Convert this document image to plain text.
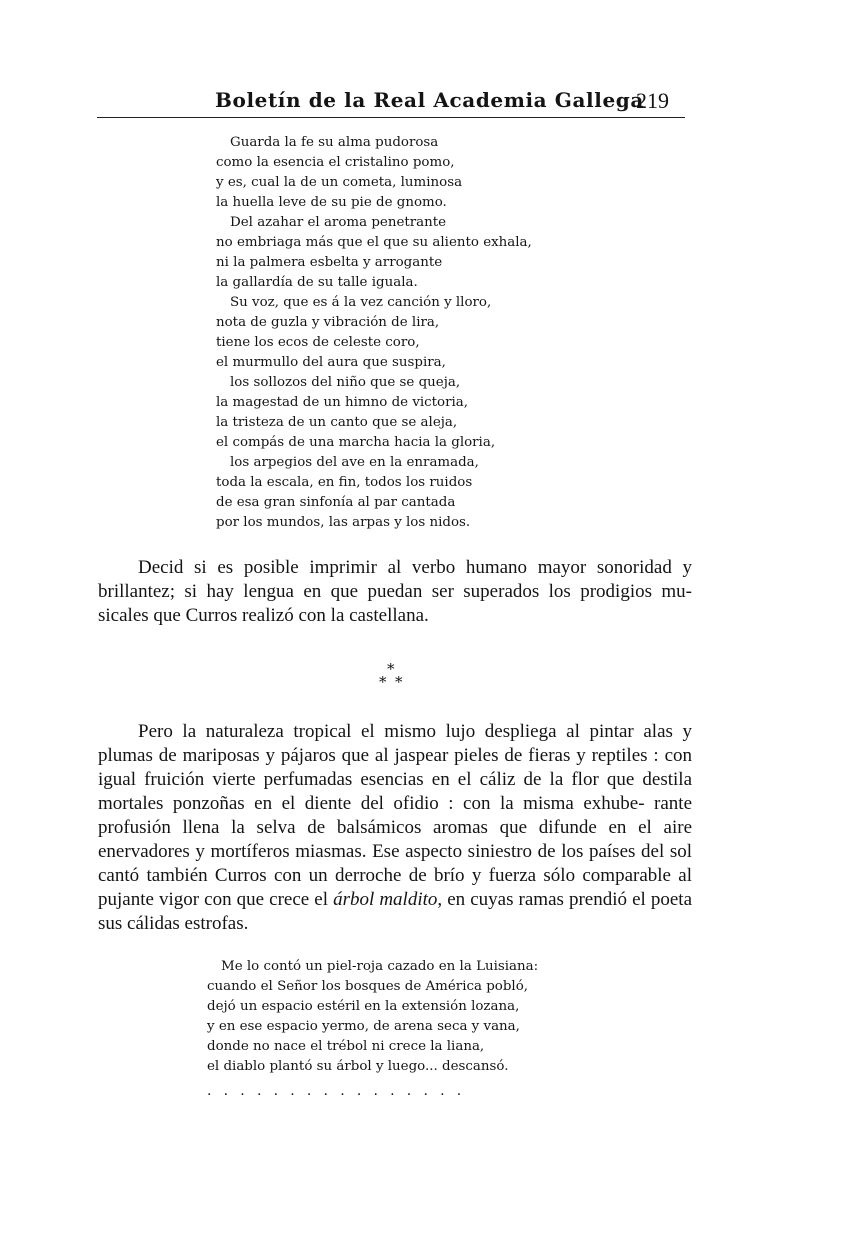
Boletín de la Real Academia Gallega
219
Guarda la fe su alma pudorosa
como la esencia el cristalino pomo,
y es, cual la de un cometa, luminosa
la huella leve de su pie de gnomo.
Del azahar el aroma penetrante
no embriaga más que el que su aliento exhala,
ni la palmera esbelta y arrogante
la gallardía de su talle iguala.
Su voz, que es á la vez canción y lloro,
nota de guzla y vibración de lira,
tiene los ecos de celeste coro,
el murmullo del aura que suspira,
los sollozos del niño que se queja,
la magestad de un himno de victoria,
la tristeza de un canto que se aleja,
el compás de una marcha hacia la gloria,
los arpegios del ave en la enramada,
toda la escala, en fin, todos los ruidos
de esa gran sinfonía al par cantada
por los mundos, las arpas y los nidos.

Decid si es posible imprimir al verbo humano mayor sonoridad y brillantez; si hay lengua en que puedan ser superados los prodigios mu- sicales que Curros realizó con la castellana.

*
* *

Pero la naturaleza tropical el mismo lujo despliega al pintar alas y plumas de mariposas y pájaros que al jaspear pieles de fieras y reptiles : con igual fruición vierte perfumadas esencias en el cáliz de la flor que destila mortales ponzoñas en el diente del ofidio : con la misma exhube- rante profusión llena la selva de balsámicos aromas que difunde en el aire enervadores y mortíferos miasmas. Ese aspecto siniestro de los países del sol cantó también Curros con un derroche de brío y fuerza sólo comparable al pujante vigor con que crece el árbol maldito, en cuyas ramas prendió el poeta sus cálidas estrofas.

Me lo contó un piel-roja cazado en la Luisiana:
cuando el Señor los bosques de América pobló,
dejó un espacio estéril en la extensión lozana,
y en ese espacio yermo, de arena seca y vana,
donde no nace el trébol ni crece la liana,
el diablo plantó su árbol y luego... descansó.
................
